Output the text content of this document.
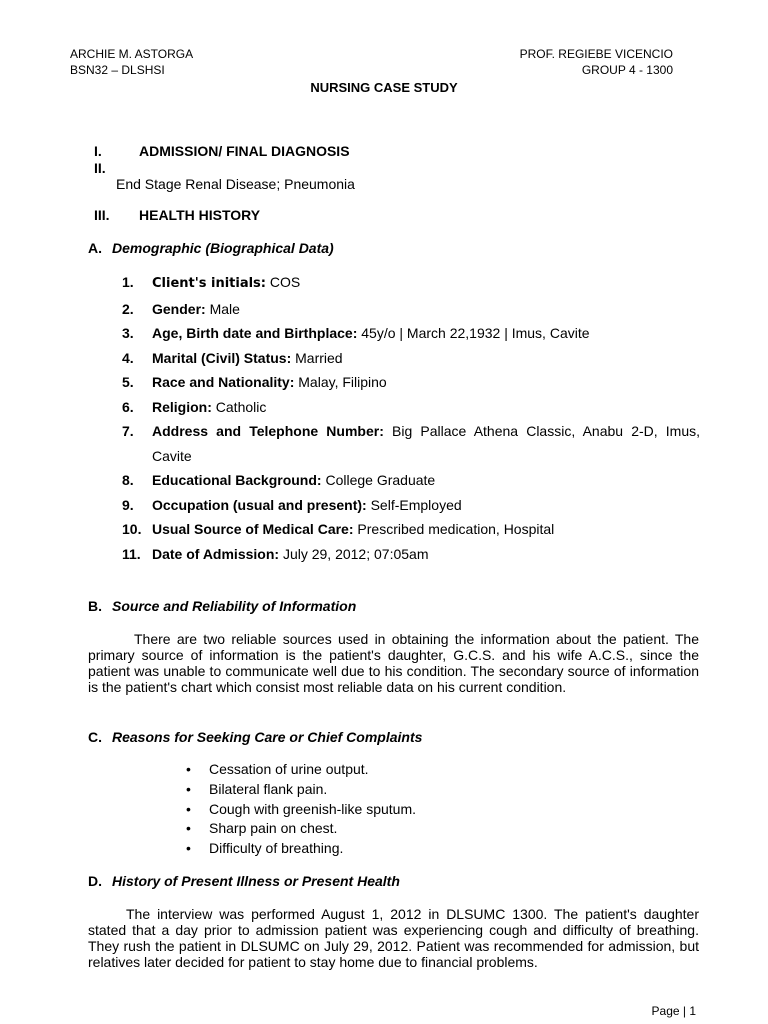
ARCHIE M. ASTORGA
BSN32 – DLSHSI
PROF. REGIEBE VICENCIO
GROUP 4 - 1300
NURSING CASE STUDY
I.	ADMISSION/ FINAL DIAGNOSIS
II.
End Stage Renal Disease; Pneumonia
III. HEALTH HISTORY
A. Demographic (Biographical Data)
1.	Client's initials: COS
2.	Gender: Male
3.	Age, Birth date and Birthplace: 45y/o | March 22,1932 | Imus, Cavite
4.	Marital (Civil) Status: Married
5.	Race and Nationality: Malay, Filipino
6.	Religion: Catholic
7.	Address and Telephone Number: Big Pallace Athena Classic, Anabu 2-D, Imus, Cavite
8.	Educational Background: College Graduate
9.	Occupation (usual and present): Self-Employed
10. Usual Source of Medical Care: Prescribed medication, Hospital
11. Date of Admission: July 29, 2012; 07:05am
B. Source and Reliability of Information

There are two reliable sources used in obtaining the information about the patient. The primary source of information is the patient's daughter, G.C.S. and his wife A.C.S., since the patient was unable to communicate well due to his condition. The secondary source of information is the patient's chart which consist most reliable data on his current condition.

C. Reasons for Seeking Care or Chief Complaints
• Cessation of urine output.
• Bilateral flank pain.
• Cough with greenish-like sputum.
• Sharp pain on chest.
• Difficulty of breathing.
D. History of Present Illness or Present Health

The interview was performed August 1, 2012 in DLSUMC 1300. The patient's daughter stated that a day prior to admission patient was experiencing cough and difficulty of breathing. They rush the patient in DLSUMC on July 29, 2012. Patient was recommended for admission, but relatives later decided for patient to stay home due to financial problems.

Page | 1
